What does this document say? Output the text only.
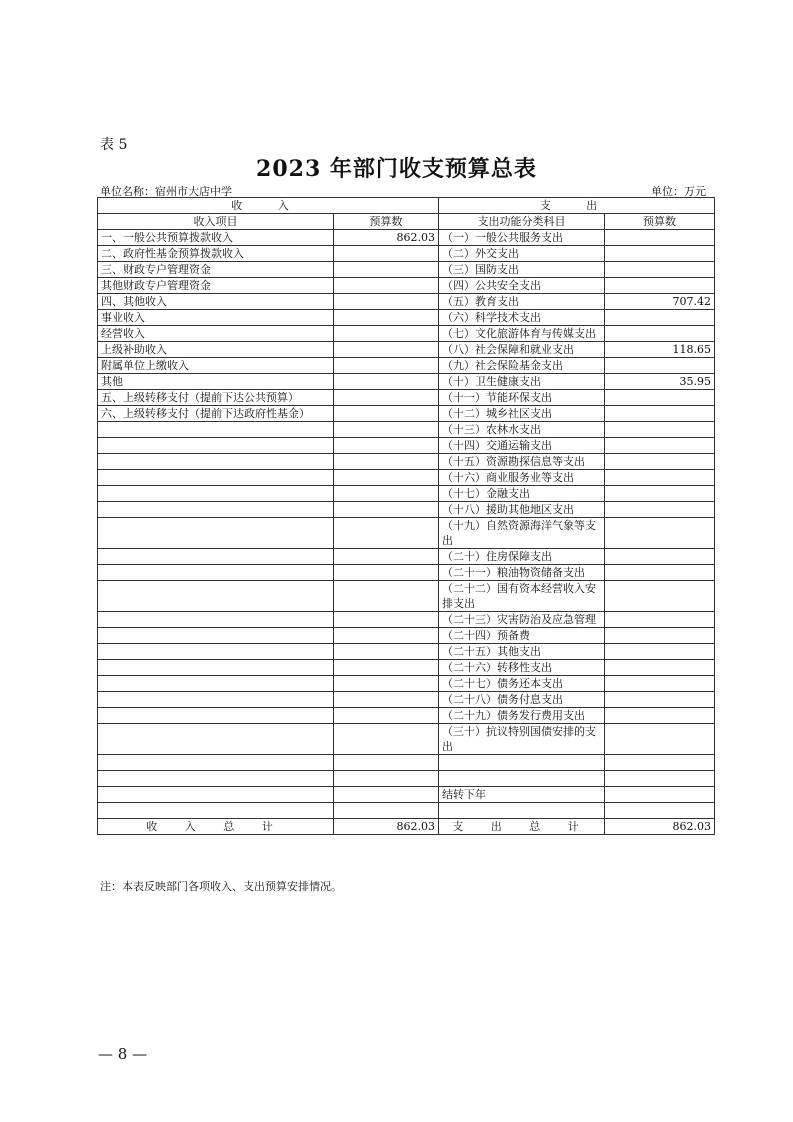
表 5
2023 年部门收支预算总表
单位名称：宿州市大店中学	单位：万元
收 入		支 出	
收入项目	预算数	支出功能分类科目	预算数
一、一般公共预算拨款收入	862.03	（一）一般公共服务支出	
二、政府性基金预算拨款收入		（二）外交支出	
三、财政专户管理资金		（三）国防支出	
其他财政专户管理资金		（四）公共安全支出	
四、其他收入		（五）教育支出	707.42
事业收入		（六）科学技术支出	
经营收入		（七）文化旅游体育与传媒支出	
上级补助收入		（八）社会保障和就业支出	118.65
附属单位上缴收入		（九）社会保险基金支出	
其他		（十）卫生健康支出	35.95
五、上级转移支付（提前下达公共预算）		（十一）节能环保支出	
六、上级转移支付（提前下达政府性基金）		（十二）城乡社区支出	
		（十三）农林水支出	
		（十四）交通运输支出	
		（十五）资源勘探信息等支出	
		（十六）商业服务业等支出	
		（十七）金融支出	
		（十八）援助其他地区支出	
		（十九）自然资源海洋气象等支出	
		（二十）住房保障支出	
		（二十一）粮油物资储备支出	
		（二十二）国有资本经营收入安排支出	
		（二十三）灾害防治及应急管理	
		（二十四）预备费	
		（二十五）其他支出	
		（二十六）转移性支出	
		（二十七）债务还本支出	
		（二十八）债务付息支出	
		（二十九）债务发行费用支出	
		（三十）抗议特别国债安排的支出	

		结转下年	

收 入 总 计	862.03	支 出 总 计	862.03
注：本表反映部门各项收入、支出预算安排情况。
— 8 —
